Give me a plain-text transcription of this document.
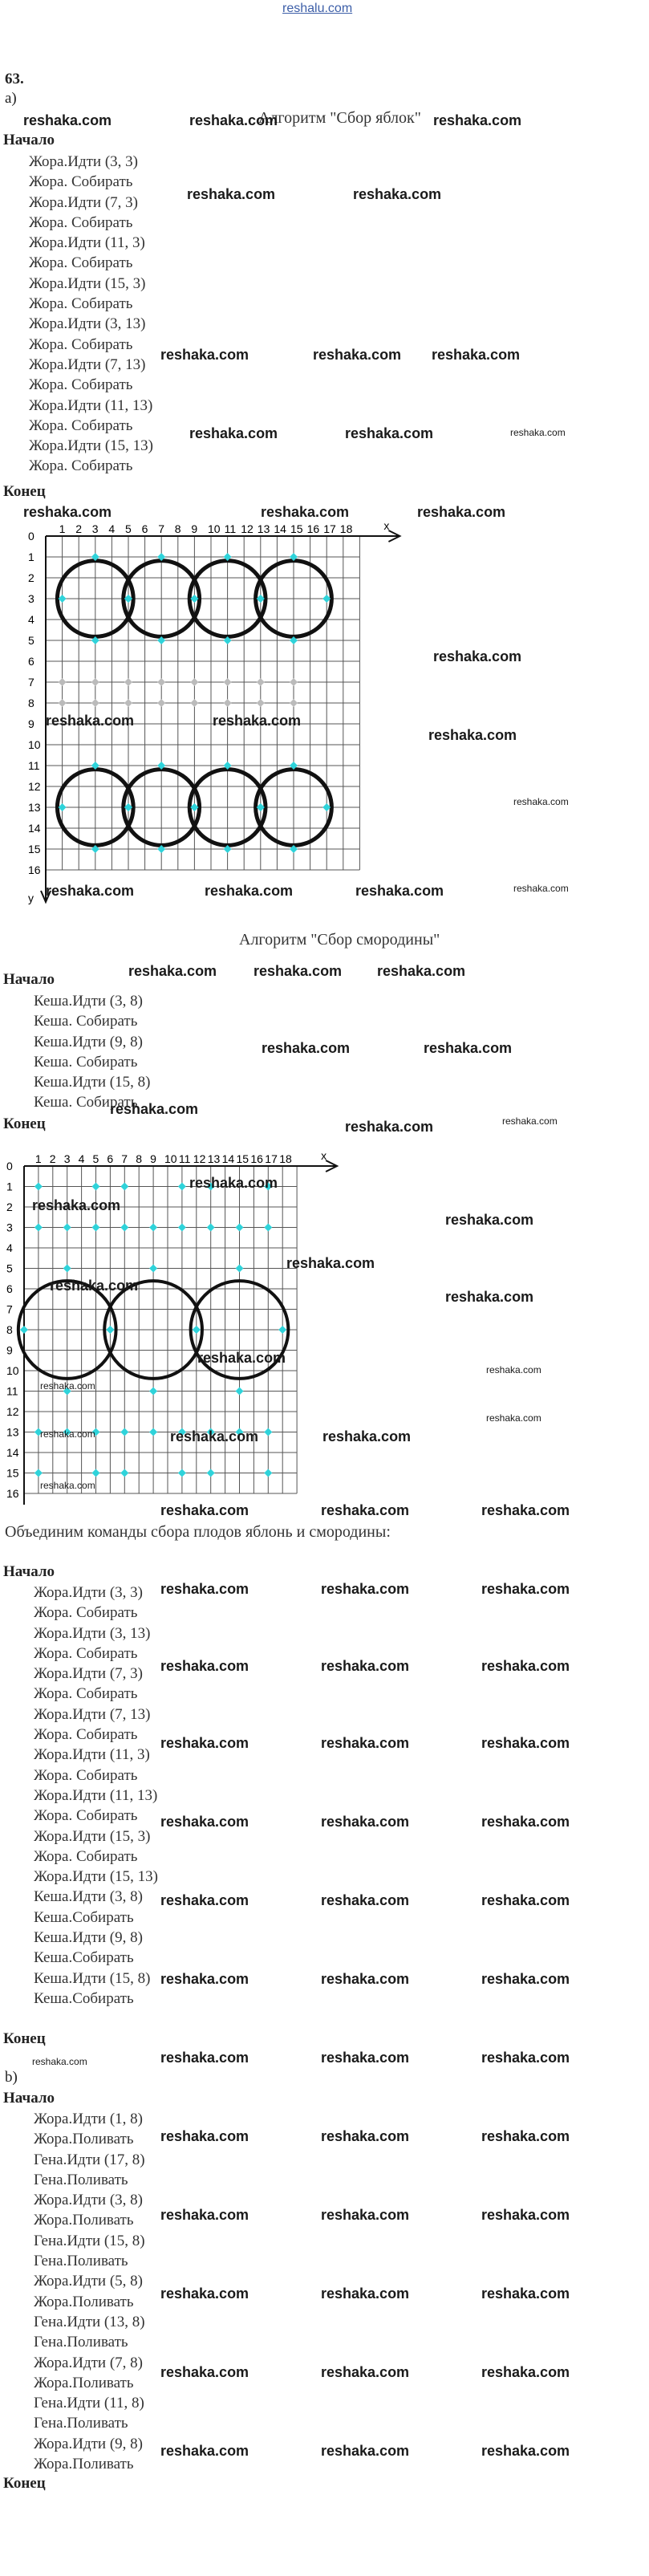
reshalu.com
63.
a)
Алгоритм "Сбор яблок"
Начало
Жора.Идти (3, 3)
Жора. Собирать
Жора.Идти (7, 3)
Жора. Собирать
Жора.Идти (11, 3)
Жора. Собирать
Жора.Идти (15, 3)
Жора. Собирать
Жора.Идти (3, 13)
Жора. Собирать
Жора.Идти (7, 13)
Жора. Собирать
Жора.Идти (11, 13)
Жора. Собирать
Жора.Идти (15, 13)
Жора. Собирать
Конец
x
y
1 2 3 4 5 6 7 8 9 10 11 12 13 14 15 16 17 18
0
1
2
3
4
5
6
7
8
9
10
11
12
13
14
15
16
Алгоритм "Сбор смородины"
Начало
Кеша.Идти (3, 8)
Кеша. Собирать
Кеша.Идти (9, 8)
Кеша. Собирать
Кеша.Идти (15, 8)
Кеша. Собирать
Конец
x
1 2 3 4 5 6 7 8 9 10 11 12 13 14 15 16 17 18
0
1
2
3
4
5
6
7
8
9
10
11
12
13
14
15
16
Объединим команды сбора плодов яблонь и смородины:
Начало
Жора.Идти (3, 3)
Жора. Собирать
Жора.Идти (3, 13)
Жора. Собирать
Жора.Идти (7, 3)
Жора. Собирать
Жора.Идти (7, 13)
Жора. Собирать
Жора.Идти (11, 3)
Жора. Собирать
Жора.Идти (11, 13)
Жора. Собирать
Жора.Идти (15, 3)
Жора. Собирать
Жора.Идти (15, 13)
Кеша.Идти (3, 8)
Кеша.Собирать
Кеша.Идти (9, 8)
Кеша.Собирать
Кеша.Идти (15, 8)
Кеша.Собирать
Конец
b)
Начало
Жора.Идти (1, 8)
Жора.Поливать
Гена.Идти (17, 8)
Гена.Поливать
Жора.Идти (3, 8)
Жора.Поливать
Гена.Идти (15, 8)
Гена.Поливать
Жора.Идти (5, 8)
Жора.Поливать
Гена.Идти (13, 8)
Гена.Поливать
Жора.Идти (7, 8)
Жора.Поливать
Гена.Идти (11, 8)
Гена.Поливать
Жора.Идти (9, 8)
Жора.Поливать
Конец
reshaka.com
reshaka.com	reshaka.com
reshaka.com	reshaka.com
reshaka.com	reshaka.com reshaka.com
reshaka.com	reshaka.com	reshaka.com
reshaka.com	reshaka.com	reshaka.com
reshaka.com
reshaka.com
reshaka.com	reshaka.com
reshaka.com
reshaka.com	reshaka.com	reshaka.com	reshaka.com
reshaka.com	reshaka.com reshaka.com
reshaka.com	reshaka.com
reshaka.com
reshaka.com	reshaka.com
reshaka.com
reshaka.com
reshaka.com
reshaka.com
reshaka.com
reshaka.com
reshaka.com
reshaka.com
reshaka.com
reshaka.com
reshaka.com	reshaka.com	reshaka.com
reshaka.com
reshaka.com	reshaka.com	reshaka.com
reshaka.com	reshaka.com	reshaka.com
reshaka.com	reshaka.com	reshaka.com
reshaka.com	reshaka.com	reshaka.com
reshaka.com	reshaka.com	reshaka.com
reshaka.com	reshaka.com	reshaka.com
reshaka.com	reshaka.com	reshaka.com
reshaka.com	reshaka.com	reshaka.com
reshaka.com
reshaka.com	reshaka.com	reshaka.com
reshaka.com	reshaka.com	reshaka.com
reshaka.com	reshaka.com	reshaka.com
reshaka.com	reshaka.com	reshaka.com
reshaka.com	reshaka.com	reshaka.com
